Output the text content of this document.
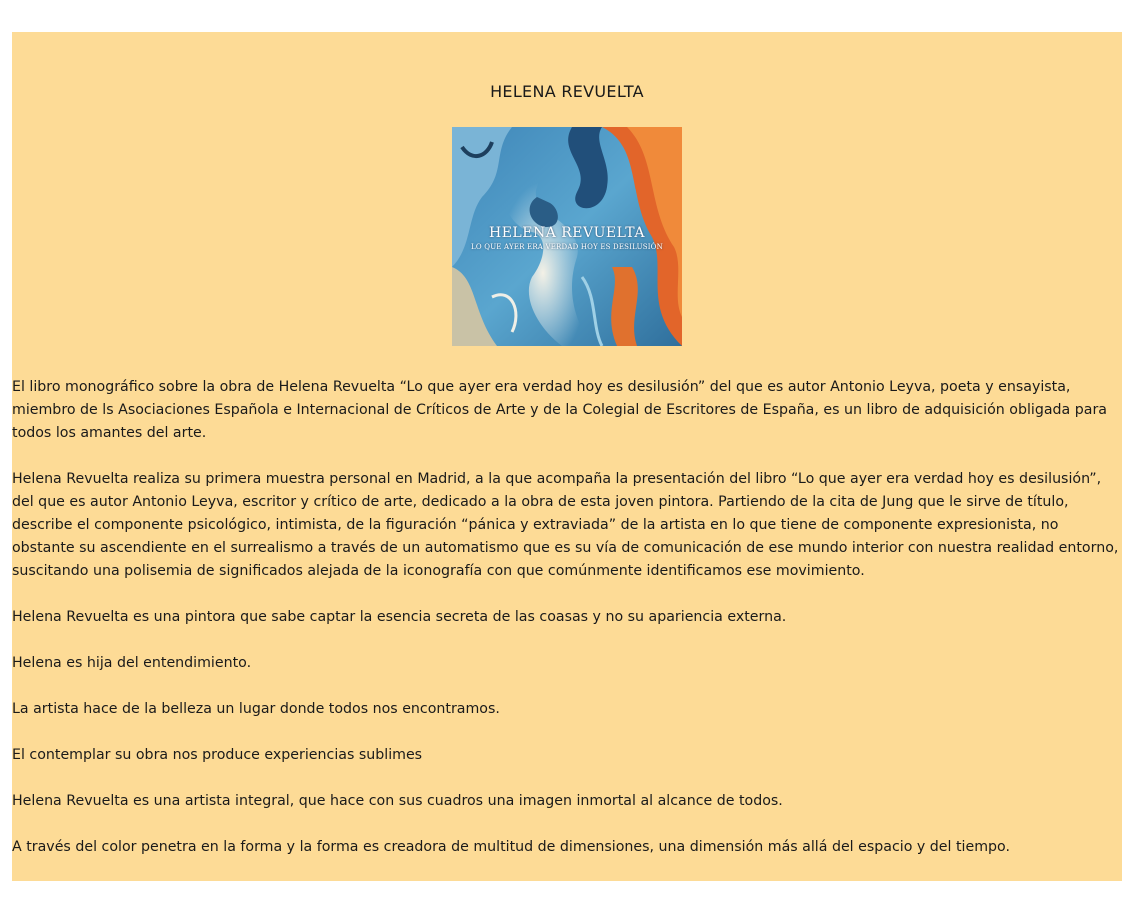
HELENA REVUELTA
HELENA REVUELTA
LO QUE AYER ERA VERDAD HOY ES DESILUSIÓN

El libro monográfico sobre la obra de Helena Revuelta “Lo que ayer era verdad hoy es desilusión” del que es autor Antonio Leyva, poeta y ensayista, miembro de ls Asociaciones Española e Internacional de Críticos de Arte y de la Colegial de Escritores de España, es un libro de adquisición obligada para todos los amantes del arte.

Helena Revuelta realiza su primera muestra personal en Madrid, a la que acompaña la presentación del libro “Lo que ayer era verdad hoy es desilusión”, del que es autor Antonio Leyva, escritor y crítico de arte, dedicado a la obra de esta joven pintora. Partiendo de la cita de Jung que le sirve de título, describe el componente psicológico, intimista, de la figuración “pánica y extraviada” de la artista en lo que tiene de componente expresionista, no obstante su ascendiente en el surrealismo a través de un automatismo que es su vía de comunicación de ese mundo interior con nuestra realidad entorno, suscitando una polisemia de significados alejada de la iconografía con que comúnmente identificamos ese movimiento.

Helena Revuelta es una pintora que sabe captar la esencia secreta de las coasas y no su apariencia externa.

Helena es hija del entendimiento.

La artista hace de la belleza un lugar donde todos nos encontramos.

El contemplar su obra nos produce experiencias sublimes

Helena Revuelta es una artista integral, que hace con sus cuadros una imagen inmortal al alcance de todos.

A través del color penetra en la forma y la forma es creadora de multitud de dimensiones, una dimensión más allá del espacio y del tiempo.
